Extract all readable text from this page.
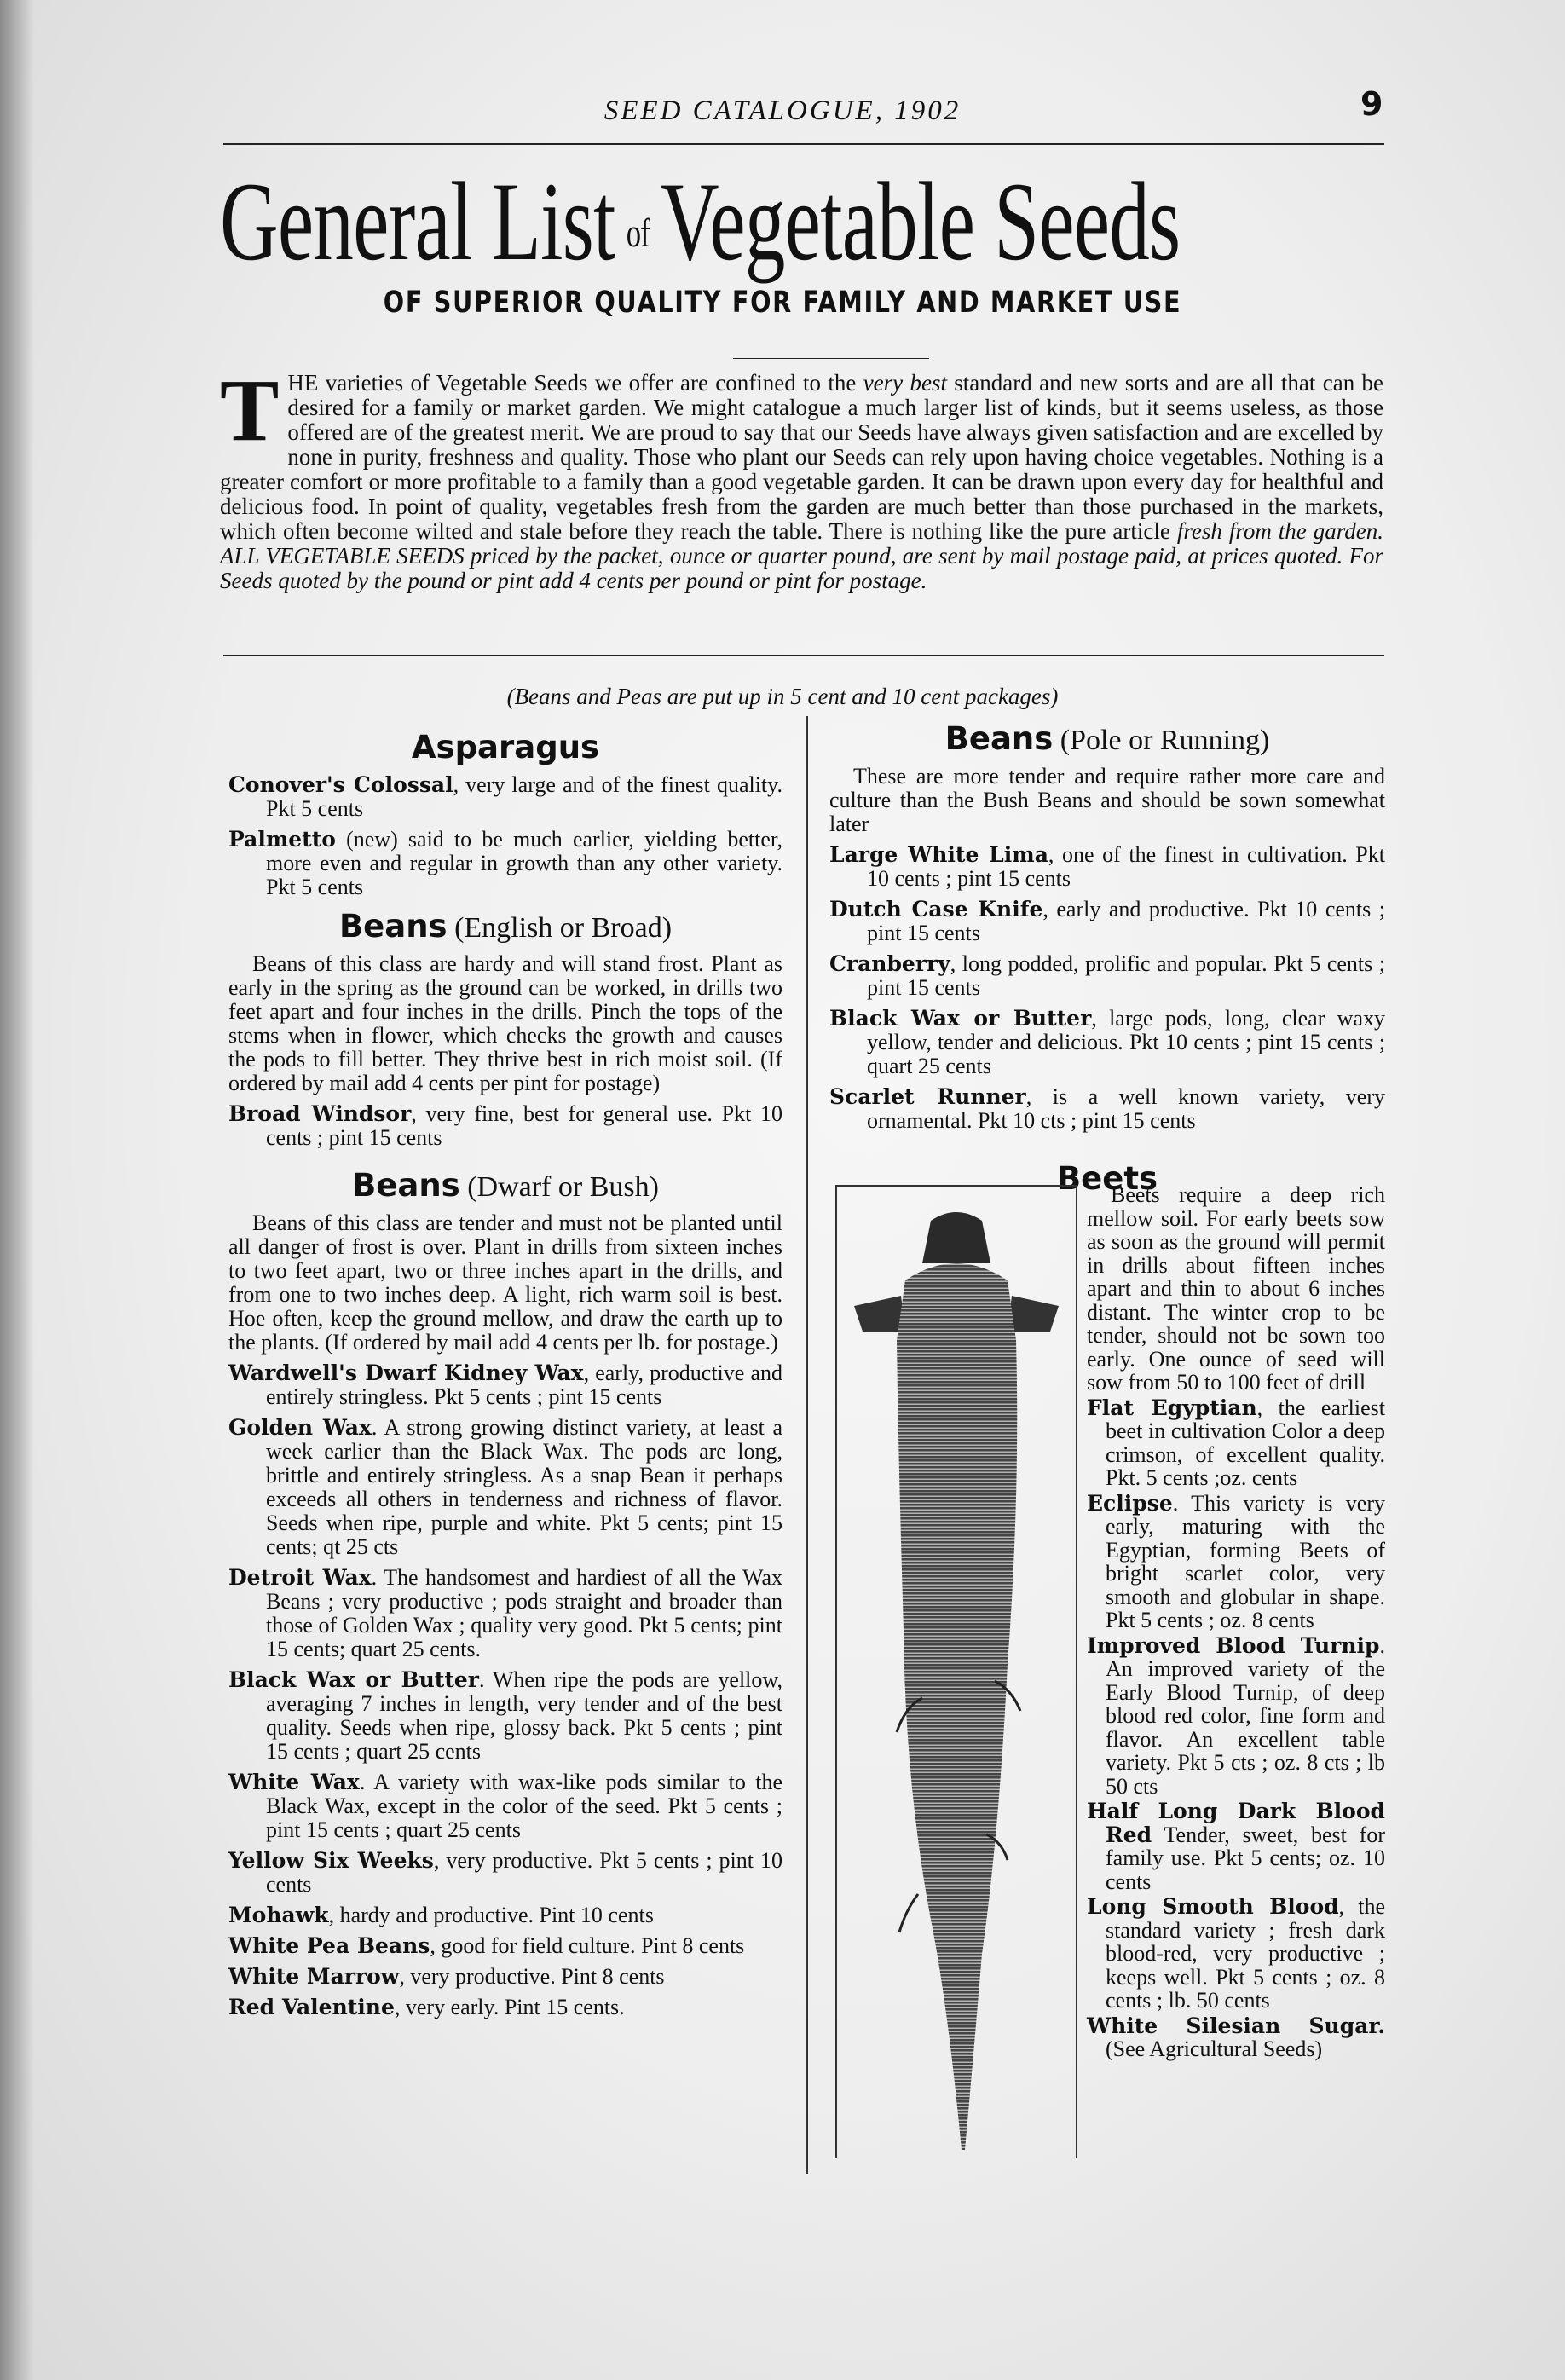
SEED CATALOGUE, 1902	9
General List ofVegetable Seeds
OF SUPERIOR QUALITY FOR FAMILY AND MARKET USE
THE varieties of Vegetable Seeds we offer are confined to the very best standard and new sorts and are all that can be desired for a family or market garden. We might catalogue a much larger list of kinds, but it seems useless, as those offered are of the greatest merit. We are proud to say that our Seeds have always given satisfaction and are excelled by none in purity, freshness and quality. Those who plant our Seeds can rely upon having choice vegetables. Nothing is a greater comfort or more profitable to a family than a good vegetable garden. It can be drawn upon every day for healthful and delicious food. In point of quality, vegetables fresh from the garden are much better than those purchased in the markets, which often become wilted and stale before they reach the table. There is nothing like the pure article fresh from the garden. ALL VEGETABLE SEEDS priced by the packet, ounce or quarter pound, are sent by mail postage paid, at prices quoted. For Seeds quoted by the pound or pint add 4 cents per pound or pint for postage.
(Beans and Peas are put up in 5 cent and 10 cent packages)
Asparagus

Conover's Colossal, very large and of the finest quality. Pkt 5 cents

Palmetto (new) said to be much earlier, yielding better, more even and regular in growth than any other variety. Pkt 5 cents

Beans (English or Broad)

Beans of this class are hardy and will stand frost. Plant as early in the spring as the ground can be worked, in drills two feet apart and four inches in the drills. Pinch the tops of the stems when in flower, which checks the growth and causes the pods to fill better. They thrive best in rich moist soil. (If ordered by mail add 4 cents per pint for postage)

Broad Windsor, very fine, best for general use. Pkt 10 cents ; pint 15 cents

Beans (Dwarf or Bush)

Beans of this class are tender and must not be planted until all danger of frost is over. Plant in drills from sixteen inches to two feet apart, two or three inches apart in the drills, and from one to two inches deep. A light, rich warm soil is best. Hoe often, keep the ground mellow, and draw the earth up to the plants. (If ordered by mail add 4 cents per lb. for postage.)

Wardwell's Dwarf Kidney Wax, early, productive and entirely stringless. Pkt 5 cents ; pint 15 cents

Golden Wax. A strong growing distinct variety, at least a week earlier than the Black Wax. The pods are long, brittle and entirely stringless. As a snap Bean it perhaps exceeds all others in tenderness and richness of flavor. Seeds when ripe, purple and white. Pkt 5 cents; pint 15 cents; qt 25 cts

Detroit Wax. The handsomest and hardiest of all the Wax Beans ; very productive ; pods straight and broader than those of Golden Wax ; quality very good. Pkt 5 cents; pint 15 cents; quart 25 cents.

Black Wax or Butter. When ripe the pods are yellow, averaging 7 inches in length, very tender and of the best quality. Seeds when ripe, glossy back. Pkt 5 cents ; pint 15 cents ; quart 25 cents

White Wax. A variety with wax-like pods similar to the Black Wax, except in the color of the seed. Pkt 5 cents ; pint 15 cents ; quart 25 cents

Yellow Six Weeks, very productive. Pkt 5 cents ; pint 10 cents

Mohawk, hardy and productive. Pint 10 cents

White Pea Beans, good for field culture. Pint 8 cents

White Marrow, very productive. Pint 8 cents

Red Valentine, very early. Pint 15 cents.

Beans (Pole or Running)

These are more tender and require rather more care and culture than the Bush Beans and should be sown somewhat later

Large White Lima, one of the finest in cultivation. Pkt 10 cents ; pint 15 cents

Dutch Case Knife, early and productive. Pkt 10 cents ; pint 15 cents

Cranberry, long podded, prolific and popular. Pkt 5 cents ; pint 15 cents

Black Wax or Butter, large pods, long, clear waxy yellow, tender and delicious. Pkt 10 cents ; pint 15 cents ; quart 25 cents

Scarlet Runner, is a well known variety, very ornamental. Pkt 10 cts ; pint 15 cents

Beets

Beets require a deep rich mellow soil. For early beets sow as soon as the ground will permit in drills about fifteen inches apart and thin to about 6 inches distant. The winter crop to be tender, should not be sown too early. One ounce of seed will sow from 50 to 100 feet of drill

Flat Egyptian, the earliest beet in cultivation Color a deep crimson, of excellent quality. Pkt. 5 cents ;oz. cents

Eclipse. This variety is very early, maturing with the Egyptian, forming Beets of bright scarlet color, very smooth and globular in shape. Pkt 5 cents ; oz. 8 cents

Improved Blood Turnip. An improved variety of the Early Blood Turnip, of deep blood red color, fine form and flavor. An excellent table variety. Pkt 5 cts ; oz. 8 cts ; lb 50 cts

Half Long Dark Blood Red Tender, sweet, best for family use. Pkt 5 cents; oz. 10 cents

Long Smooth Blood, the standard variety ; fresh dark blood-red, very productive ; keeps well. Pkt 5 cents ; oz. 8 cents ; lb. 50 cents

White Silesian Sugar. (See Agricultural Seeds)
